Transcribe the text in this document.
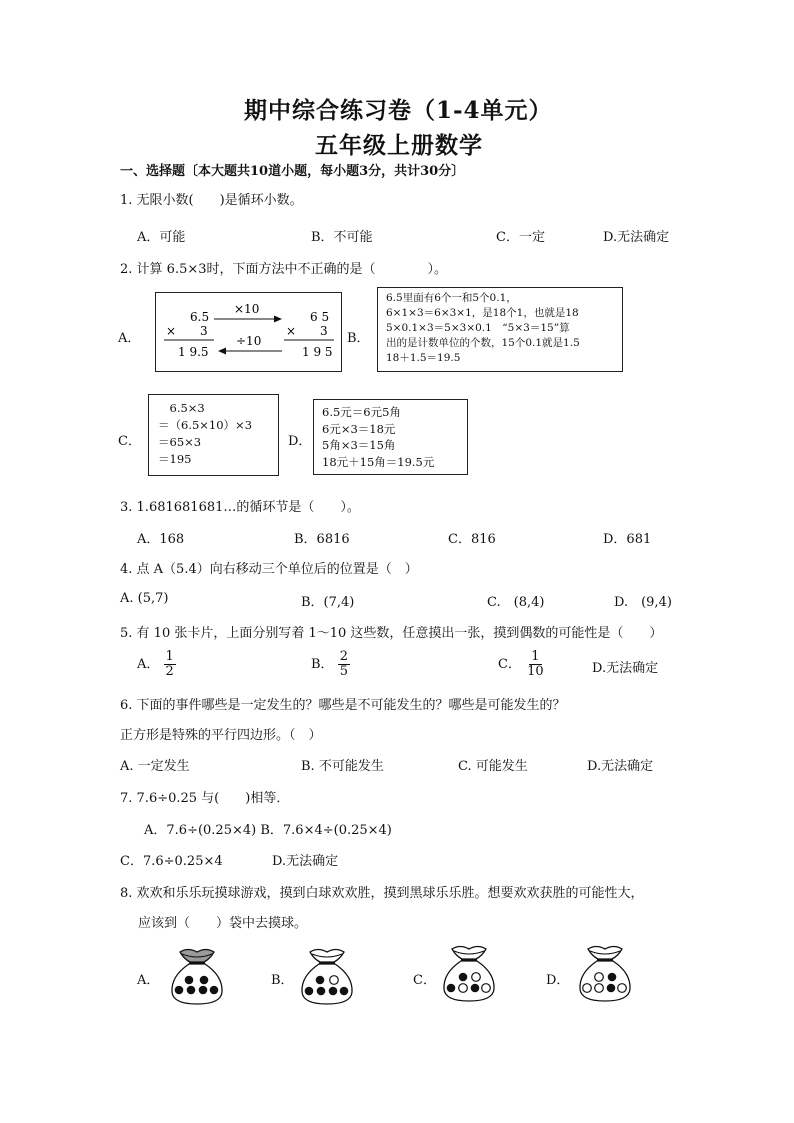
期中综合练习卷（1-4单元）
五年级上册数学
一、选择题〔本大题共10道小题，每小题3分，共计30分〕
1. 无限小数(　　)是循环小数。
A．可能	B．不可能	C．一定	D.无法确定
2. 计算 6.5×3时，下面方法中不正确的是（　　　　）。
A．
6.5
× 3
1 9.5
6 5
× 3
1 9 5
×10
÷10	B．
6.5里面有6个一和5个0.1，
6×1×3＝6×3×1，是18个1，也就是18
5×0.1×3＝5×3×0.1　“5×3＝15”算
出的是计数单位的个数，15个0.1就是1.5
18＋1.5＝19.5
C．
　6.5×3
＝（6.5×10）×3
＝65×3
＝195
D．
6.5元＝6元5角
6元×3＝18元
5角×3＝15角
18元＋15角＝19.5元
3. 1.681681681…的循环节是（　　）。
A．168	B．6816	C．816	D．681
4. 点 A（5.4）向右移动三个单位后的位置是（　）
A. (5,7)	B．(7,4)	C.　(8,4)	D.　(9,4)
5. 有 10 张卡片，上面分别写着 1～10 这些数，任意摸出一张，摸到偶数的可能性是（　　）
A． $\frac{1}{2}$	B． $\frac{2}{5}$	C． $\frac{1}{10}$	D.无法确定
6. 下面的事件哪些是一定发生的？哪些是不可能发生的？哪些是可能发生的？
正方形是特殊的平行四边形。（　）
A. 一定发生	B. 不可能发生	C. 可能发生	D.无法确定
7. 7.6÷0.25 与(　　)相等．
A．7.6÷(0.25×4) B．7.6×4÷(0.25×4)
C．7.6÷0.25×4	D.无法确定
8. 欢欢和乐乐玩摸球游戏，摸到白球欢欢胜，摸到黑球乐乐胜。想要欢欢获胜的可能性大，
应该到（　　）袋中去摸球。
A．	B．	C．	D．
